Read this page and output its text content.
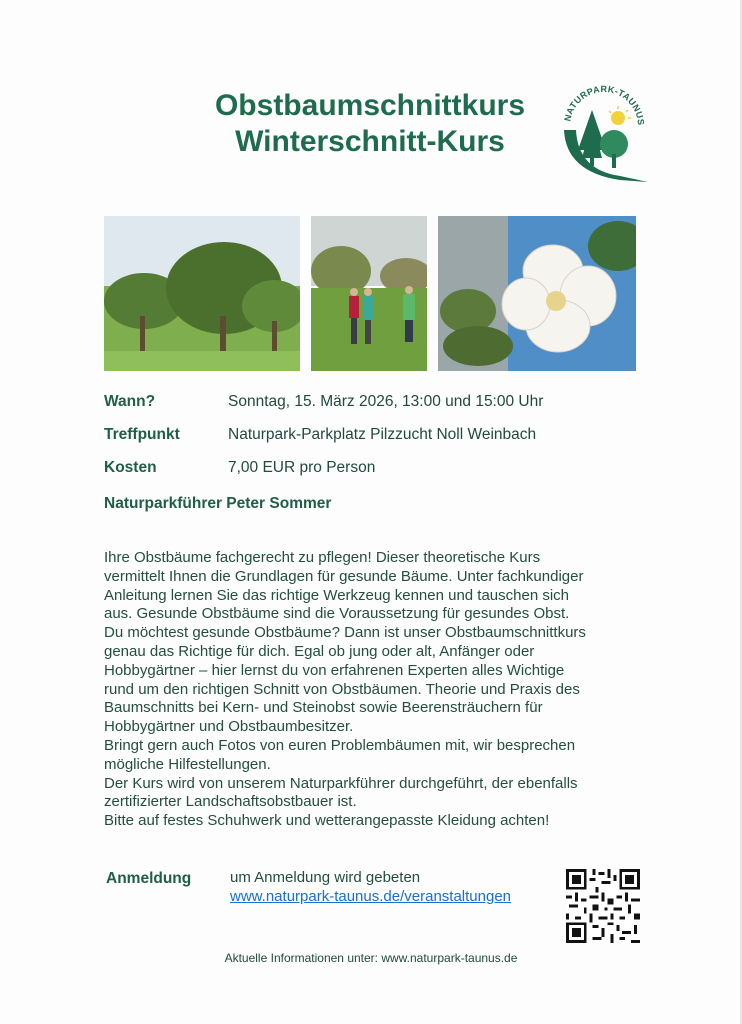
Obstbaumschnittkurs
Winterschnitt-Kurs
NATURPARK-TAUNUS
Wann?	Sonntag, 15. März 2026, 13:00 und 15:00 Uhr
Treffpunkt	Naturpark-Parkplatz Pilzzucht Noll Weinbach
Kosten	7,00 EUR pro Person
Naturparkführer Peter Sommer
Ihre Obstbäume fachgerecht zu pflegen! Dieser theoretische Kurs
vermittelt Ihnen die Grundlagen für gesunde Bäume. Unter fachkundiger
Anleitung lernen Sie das richtige Werkzeug kennen und tauschen sich
aus. Gesunde Obstbäume sind die Voraussetzung für gesundes Obst.
Du möchtest gesunde Obstbäume? Dann ist unser Obstbaumschnittkurs
genau das Richtige für dich. Egal ob jung oder alt, Anfänger oder
Hobbygärtner – hier lernst du von erfahrenen Experten alles Wichtige
rund um den richtigen Schnitt von Obstbäumen. Theorie und Praxis des
Baumschnitts bei Kern- und Steinobst sowie Beerensträuchern für
Hobbygärtner und Obstbaumbesitzer.
Bringt gern auch Fotos von euren Problembäumen mit, wir besprechen
mögliche Hilfestellungen.
Der Kurs wird von unserem Naturparkführer durchgeführt, der ebenfalls
zertifizierter Landschaftsobstbauer ist.
Bitte auf festes Schuhwerk und wetterangepasste Kleidung achten!
Anmeldung	um Anmeldung wird gebeten
www.naturpark-taunus.de/veranstaltungen
Aktuelle Informationen unter: www.naturpark-taunus.de
